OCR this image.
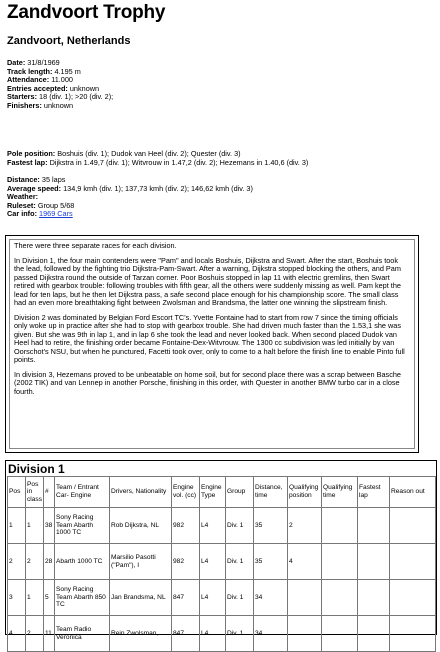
Zandvoort Trophy
Zandvoort, Netherlands
Date: 31/8/1969
Track length: 4.195 m
Attendance: 11.000
Entries accepted: unknown
Starters: 18 (div. 1); >20 (div. 2);
Finishers: unknown
Pole position: Boshuis (div. 1); Dudok van Heel (div. 2); Quester (div. 3)
Fastest lap: Dijkstra in 1.49,7 (div. 1); Witvrouw in 1.47,2 (div. 2); Hezemans in 1.40,6 (div. 3)
Distance: 35 laps
Average speed: 134,9 kmh (div. 1); 137,73 kmh (div. 2); 146,62 kmh (div. 3)
Weather:
Ruleset: Group 5/68
Car info: 1969 Cars

There were three separate races for each division.

In Division 1, the four main contenders were "Pam" and locals Boshuis, Dijkstra and Swart. After the start, Boshuis took the lead, followed by the fighting trio Dijkstra-Pam-Swart. After a warning, Dijkstra stopped blocking the others, and Pam passed Dijkstra round the outside of Tarzan corner. Poor Boshuis stopped in lap 11 with electric gremlins, then Swart retired with gearbox trouble: following troubles with fifth gear, all the others were suddenly missing as well. Pam kept the lead for ten laps, but he then let Dijkstra pass, a safe second place enough for his championship score. The small class had an even more breathtaking fight between Zwolsman and Brandsma, the latter one winning the slipstream finish.

Division 2 was dominated by Belgian Ford Escort TC's. Yvette Fontaine had to start from row 7 since the timing officials only woke up in practice after she had to stop with gearbox trouble. She had driven much faster than the 1.53,1 she was given. But she was 9th in lap 1, and in lap 6 she took the lead and never looked back. When second placed Dudok van Heel had to retire, the finishing order became Fontaine-Dex-Witvrouw. The 1300 cc subdivision was led initially by van Oorschot's NSU, but when he punctured, Facetti took over, only to come to a halt before the finish line to enable Pinto full points.

In division 3, Hezemans proved to be unbeatable on home soil, but for second place there was a scrap between Basche (2002 TIK) and van Lennep in another Porsche, finishing in this order, with Quester in another BMW turbo car in a close fourth.

Division 1
Pos	Pos in class	#	Team / Entrant Car- Engine	Drivers, Nationality	Engine vol. (cc)	Engine Type	Group	Distance, time	Qualifying position	Qualifying time	Fastest lap	Reason out
1	1	38	Sony Racing Team Abarth 1000 TC	Rob Dijkstra, NL	982	L4	Div. 1	35	2			
2	2	28	Abarth 1000 TC	Marsilio Pasotti ("Pam"), I	982	L4	Div. 1	35	4			
3	1	5	Sony Racing Team Abarth 850 TC	Jan Brandsma, NL	847	L4	Div. 1	34				
4	2	11	Team Radio Veronica	Rein Zwolsman,	847	L4	Div. 1	34				
